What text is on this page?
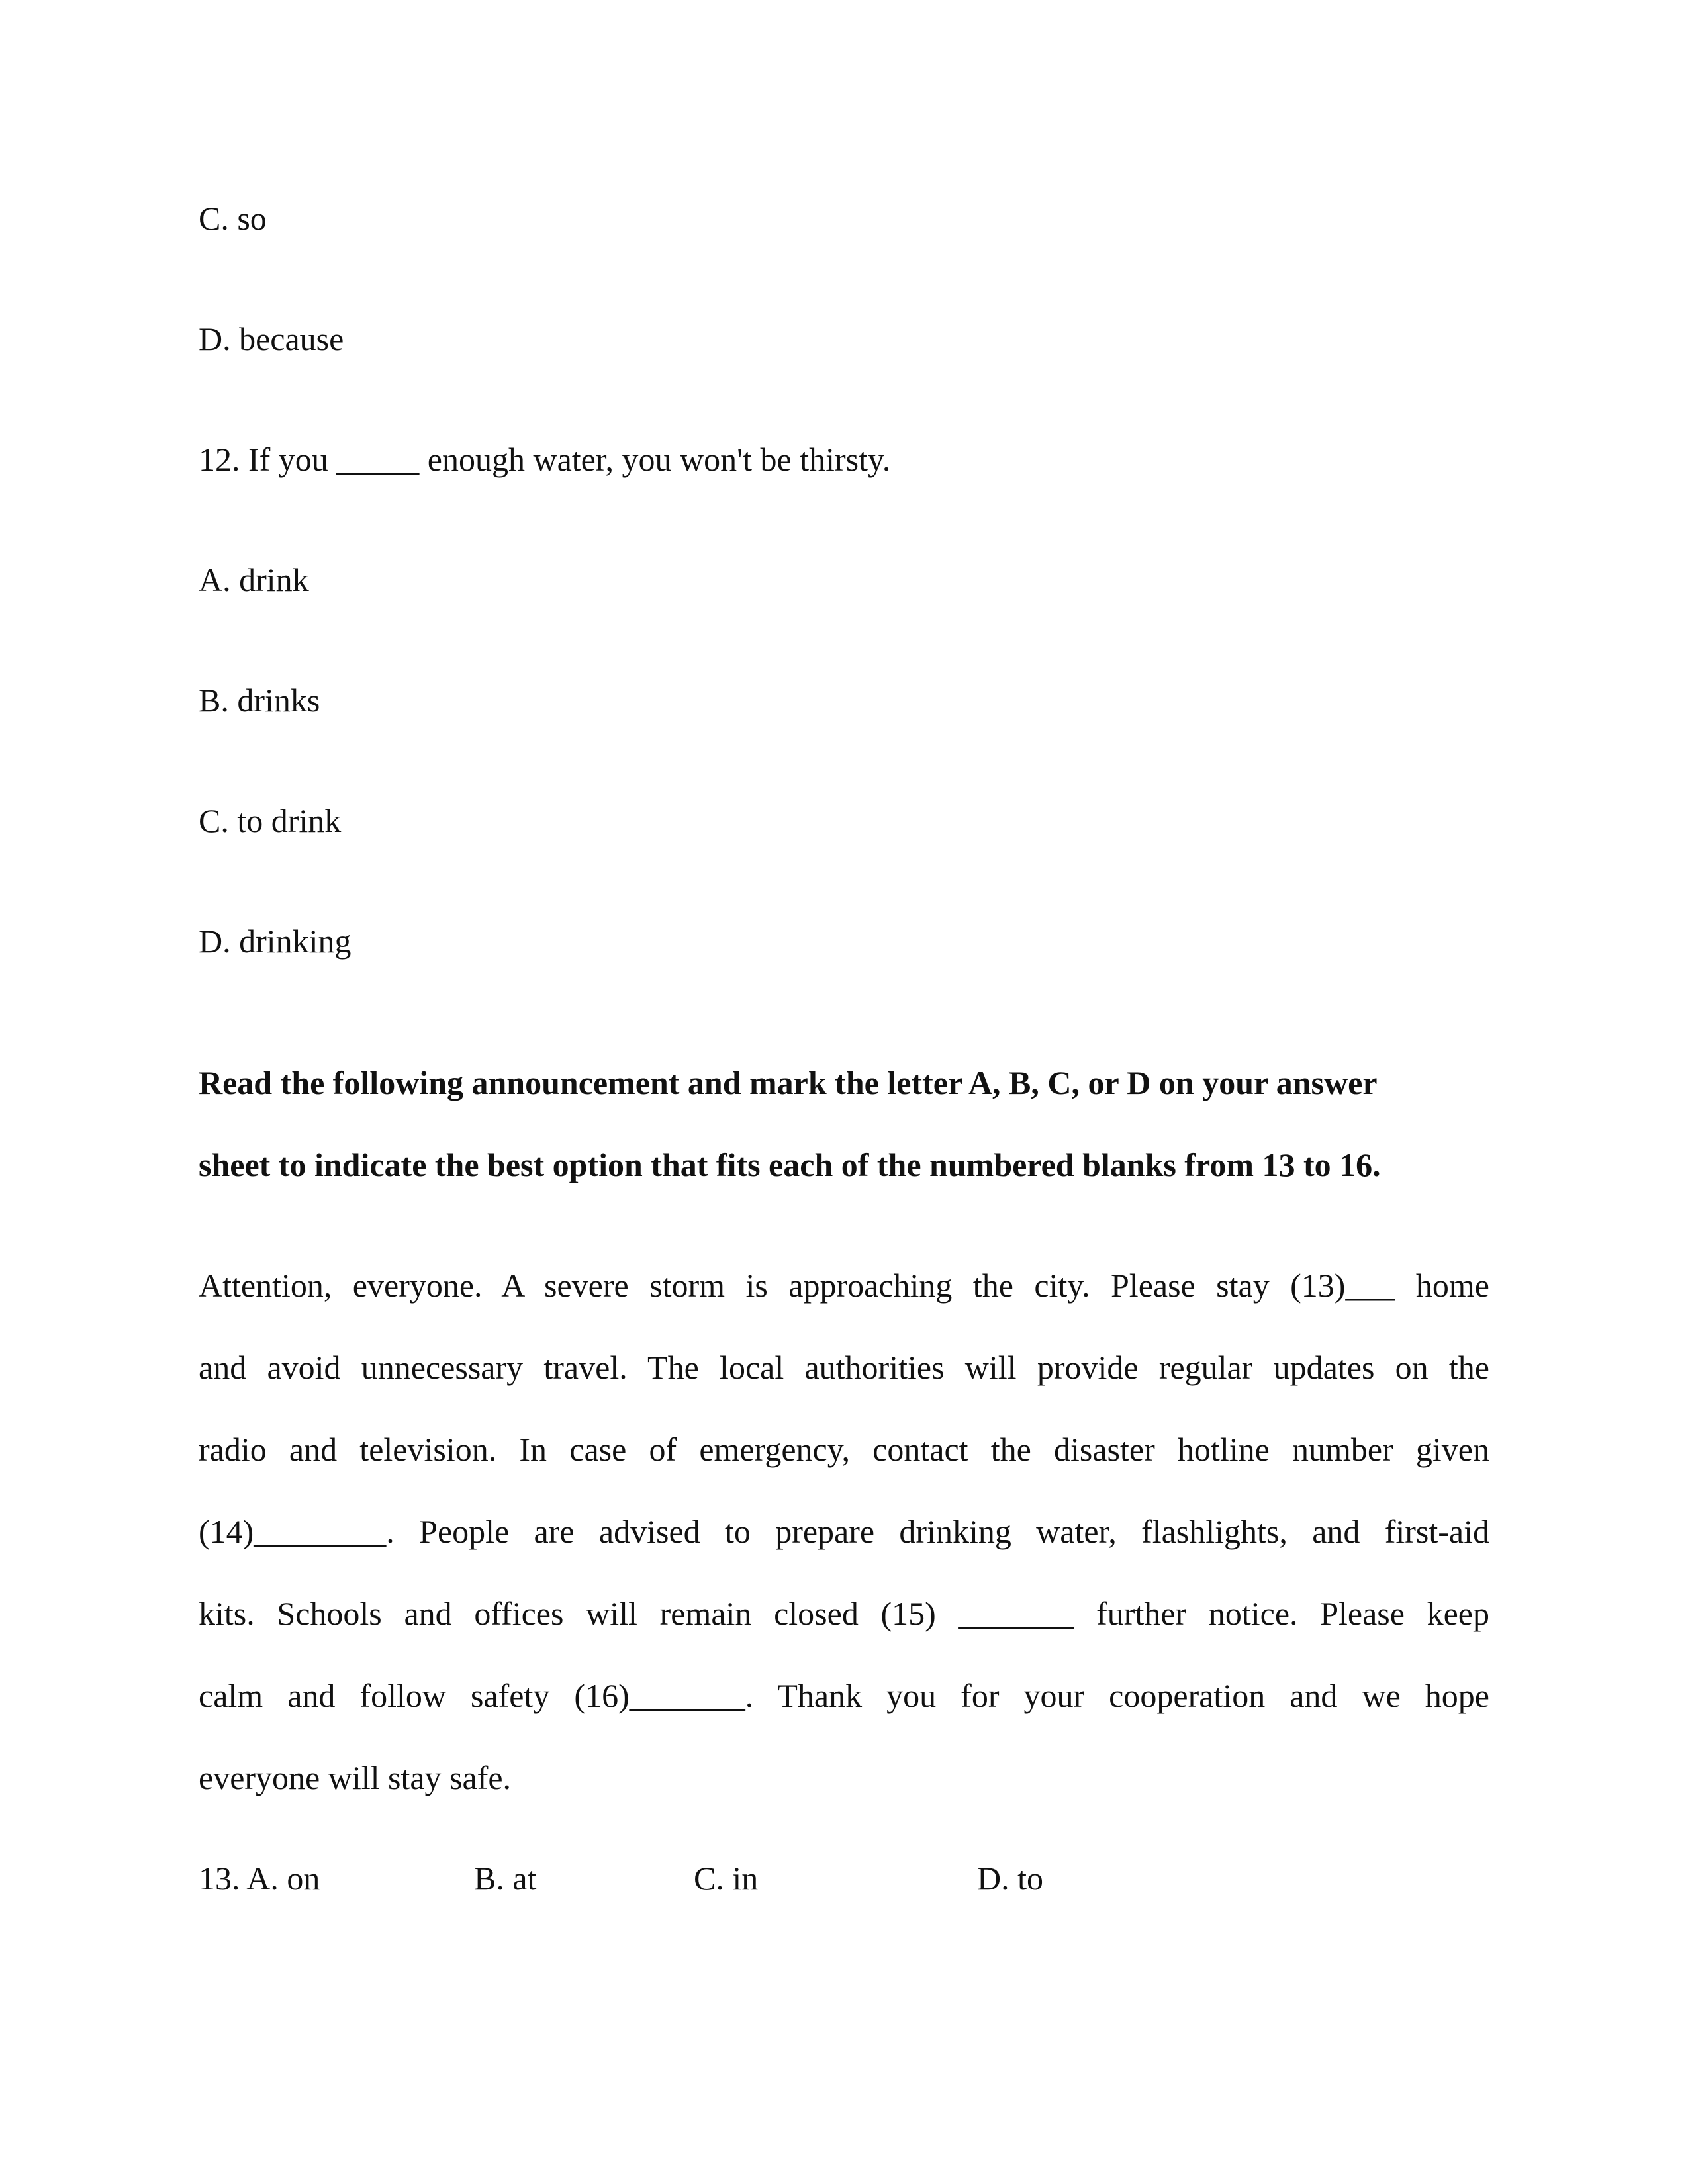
C. so

D. because

12. If you _____ enough water, you won't be thirsty.

A. drink

B. drinks

C. to drink

D. drinking

Read the following announcement and mark the letter A, B, C, or D on your answer
sheet to indicate the best option that fits each of the numbered blanks from 13 to 16.
Attention, everyone. A severe storm is approaching the city. Please stay (13)___ home
and avoid unnecessary travel. The local authorities will provide regular updates on the
radio and television. In case of emergency, contact the disaster hotline number given
(14)________. People are advised to prepare drinking water, flashlights, and first-aid
kits. Schools and offices will remain closed (15) _______ further notice. Please keep
calm and follow safety (16)_______. Thank you for your cooperation and we hope
everyone will stay safe.
13. A. on	B. at	C. in	D. to
